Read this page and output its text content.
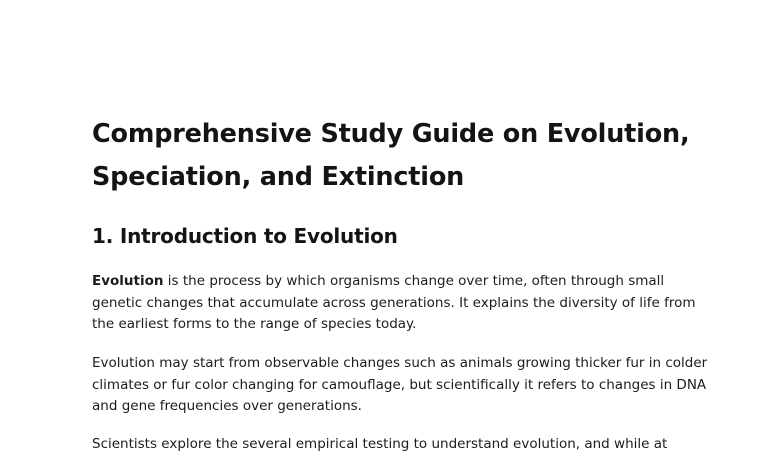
Comprehensive Study Guide on Evolution,
Speciation, and Extinction
1. Introduction to Evolution

Evolution is the process by which organisms change over time, often through small
genetic changes that accumulate across generations. It explains the diversity of life from
the earliest forms to the range of species today.

Evolution may start from observable changes such as animals growing thicker fur in colder
climates or fur color changing for camouflage, but scientifically it refers to changes in DNA
and gene frequencies over generations.

Scientists explore the several empirical testing to understand evolution, and while at
